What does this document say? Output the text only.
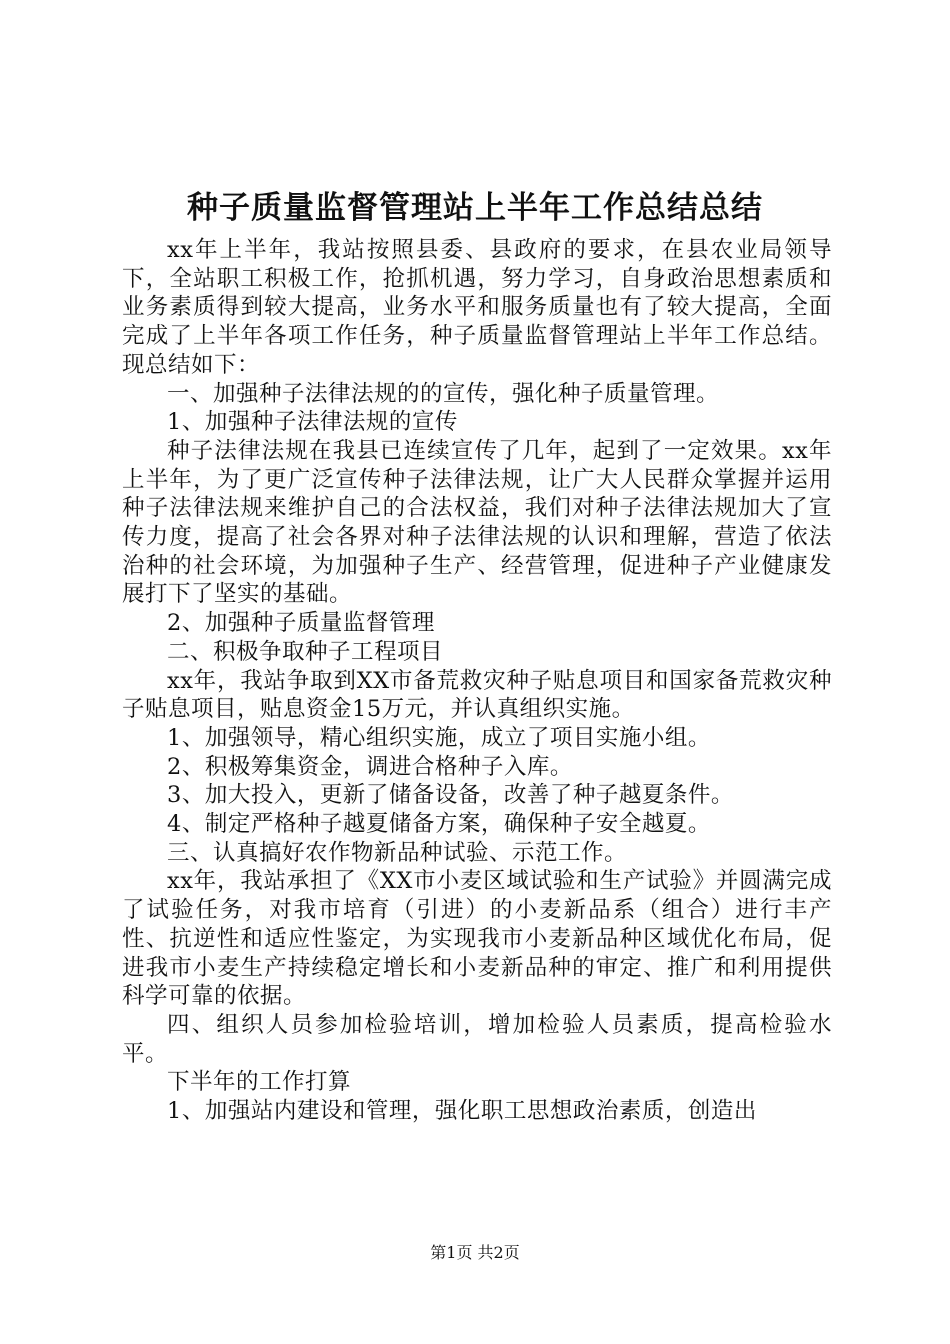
种子质量监督管理站上半年工作总结总结

xx年上半年，我站按照县委、县政府的要求，在县农业局领导下，全站职工积极工作，抢抓机遇，努力学习，自身政治思想素质和业务素质得到较大提高，业务水平和服务质量也有了较大提高，全面完成了上半年各项工作任务，种子质量监督管理站上半年工作总结。现总结如下：

一、加强种子法律法规的的宣传，强化种子质量管理。

1、加强种子法律法规的宣传

种子法律法规在我县已连续宣传了几年，起到了一定效果。xx年上半年，为了更广泛宣传种子法律法规，让广大人民群众掌握并运用种子法律法规来维护自己的合法权益，我们对种子法律法规加大了宣传力度，提高了社会各界对种子法律法规的认识和理解，营造了依法治种的社会环境，为加强种子生产、经营管理，促进种子产业健康发展打下了坚实的基础。

2、加强种子质量监督管理

二、积极争取种子工程项目

xx年，我站争取到XX市备荒救灾种子贴息项目和国家备荒救灾种子贴息项目，贴息资金15万元，并认真组织实施。

1、加强领导，精心组织实施，成立了项目实施小组。

2、积极筹集资金，调进合格种子入库。

3、加大投入，更新了储备设备，改善了种子越夏条件。

4、制定严格种子越夏储备方案，确保种子安全越夏。

三、认真搞好农作物新品种试验、示范工作。

xx年，我站承担了《XX市小麦区域试验和生产试验》并圆满完成了试验任务，对我市培育（引进）的小麦新品系（组合）进行丰产性、抗逆性和适应性鉴定，为实现我市小麦新品种区域优化布局，促进我市小麦生产持续稳定增长和小麦新品种的审定、推广和利用提供科学可靠的依据。

四、组织人员参加检验培训，增加检验人员素质，提高检验水平。

下半年的工作打算

1、加强站内建设和管理，强化职工思想政治素质，创造出

第1页 共2页
